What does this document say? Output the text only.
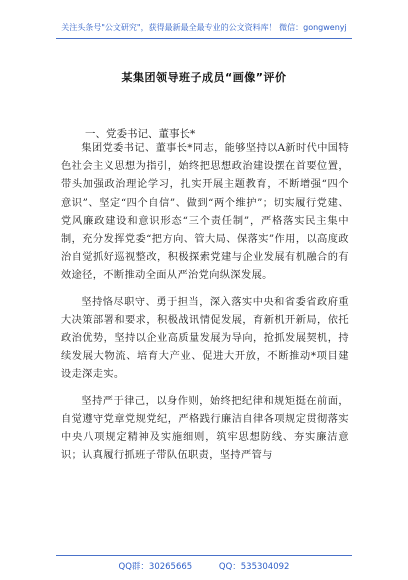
关注头条号"公文研究"，获得最新最全最专业的公文资料库！ 微信：gongwenyj
某集团领导班子成员“画像”评价
一、党委书记、董事长*

集团党委书记、董事长*同志，能够坚持以A新时代中国特色社会主义思想为指引，始终把思想政治建设摆在首要位置，带头加强政治理论学习，扎实开展主题教育，不断增强“四个意识”、坚定“四个自信”、做到“两个维护”；切实履行党建、党风廉政建设和意识形态“三个责任制”，严格落实民主集中制，充分发挥党委“把方向、管大局、保落实”作用，以高度政治自觉抓好巡视整改，积极探索党建与企业发展有机融合的有效途径，不断推动全面从严治党向纵深发展。

坚持恪尽职守、勇于担当，深入落实中央和省委省政府重大决策部署和要求，积极战讯情促发展，育新机开新局，依托政治优势，坚持以企业高质量发展为导向，抢抓发展契机，持续发展大物流、培育大产业、促进大开放，不断推动*项目建设走深走实。

坚持严于律己，以身作则，始终把纪律和规矩挺在前面，自觉遵守党章党规党纪，严格践行廉洁自律各项规定贯彻落实中央八项规定精神及实施细则，筑牢思想防线、夯实廉洁意识；认真履行抓班子带队伍职责，坚持严管与

QQ群：30265665	QQ：535304092
